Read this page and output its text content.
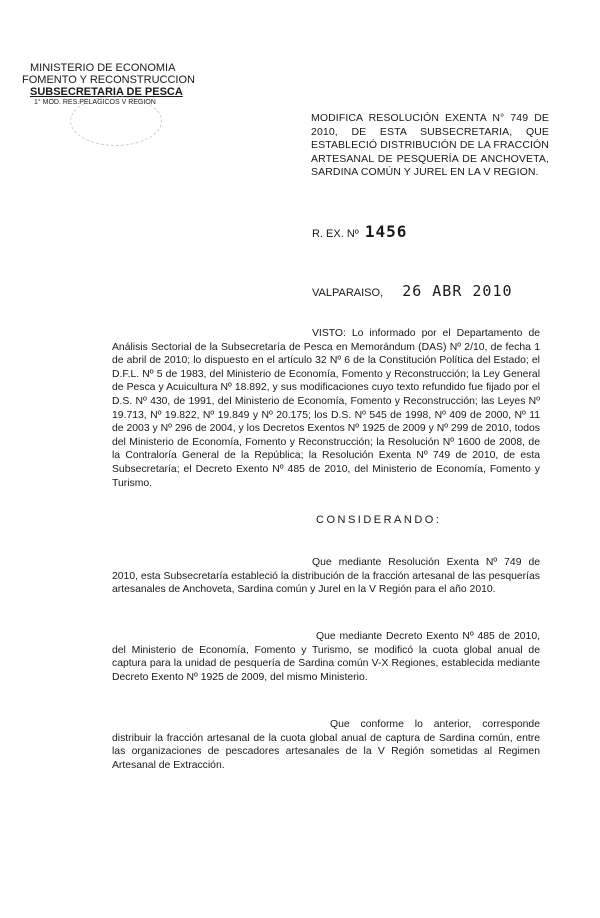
MINISTERIO DE ECONOMIA
FOMENTO Y RECONSTRUCCION
SUBSECRETARIA DE PESCA
1° MOD. RES.PELAGICOS V REGION
MODIFICA RESOLUCIÓN EXENTA N° 749 DE 2010, DE ESTA SUBSECRETARIA, QUE ESTABLECIÓ DISTRIBUCIÓN DE LA FRACCIÓN ARTESANAL DE PESQUERÍA DE ANCHOVETA, SARDINA COMÚN Y JUREL EN LA V REGION.
R. EX. Nº 1456
VALPARAISO, 26 ABR 2010
VISTO: Lo informado por el Departamento de Análisis Sectorial de la Subsecretaría de Pesca en Memorándum (DAS) Nº 2/10, de fecha 1 de abril de 2010; lo dispuesto en el artículo 32 Nº 6 de la Constitución Política del Estado; el D.F.L. Nº 5 de 1983, del Ministerio de Economía, Fomento y Reconstrucción; la Ley General de Pesca y Acuicultura Nº 18.892, y sus modificaciones cuyo texto refundido fue fijado por el D.S. Nº 430, de 1991, del Ministerio de Economía, Fomento y Reconstrucción; las Leyes Nº 19.713, Nº 19.822, Nº 19.849 y Nº 20.175; los D.S. Nº 545 de 1998, Nº 409 de 2000, Nº 11 de 2003 y Nº 296 de 2004, y los Decretos Exentos Nº 1925 de 2009 y Nº 299 de 2010, todos del Ministerio de Economía, Fomento y Reconstrucción; la Resolución Nº 1600 de 2008, de la Contraloría General de la República; la Resolución Exenta Nº 749 de 2010, de esta Subsecretaría; el Decreto Exento Nº 485 de 2010, del Ministerio de Economía, Fomento y Turismo.
CONSIDERANDO:
Que mediante Resolución Exenta Nº 749 de 2010, esta Subsecretaría estableció la distribución de la fracción artesanal de las pesquerías artesanales de Anchoveta, Sardina común y Jurel en la V Región para el año 2010.
Que mediante Decreto Exento Nº 485 de 2010, del Ministerio de Economía, Fomento y Turismo, se modificó la cuota global anual de captura para la unidad de pesquería de Sardina común V-X Regiones, establecida mediante Decreto Exento Nº 1925 de 2009, del mismo Ministerio.
Que conforme lo anterior, corresponde distribuir la fracción artesanal de la cuota global anual de captura de Sardina común, entre las organizaciones de pescadores artesanales de la V Región sometidas al Regimen Artesanal de Extracción.
